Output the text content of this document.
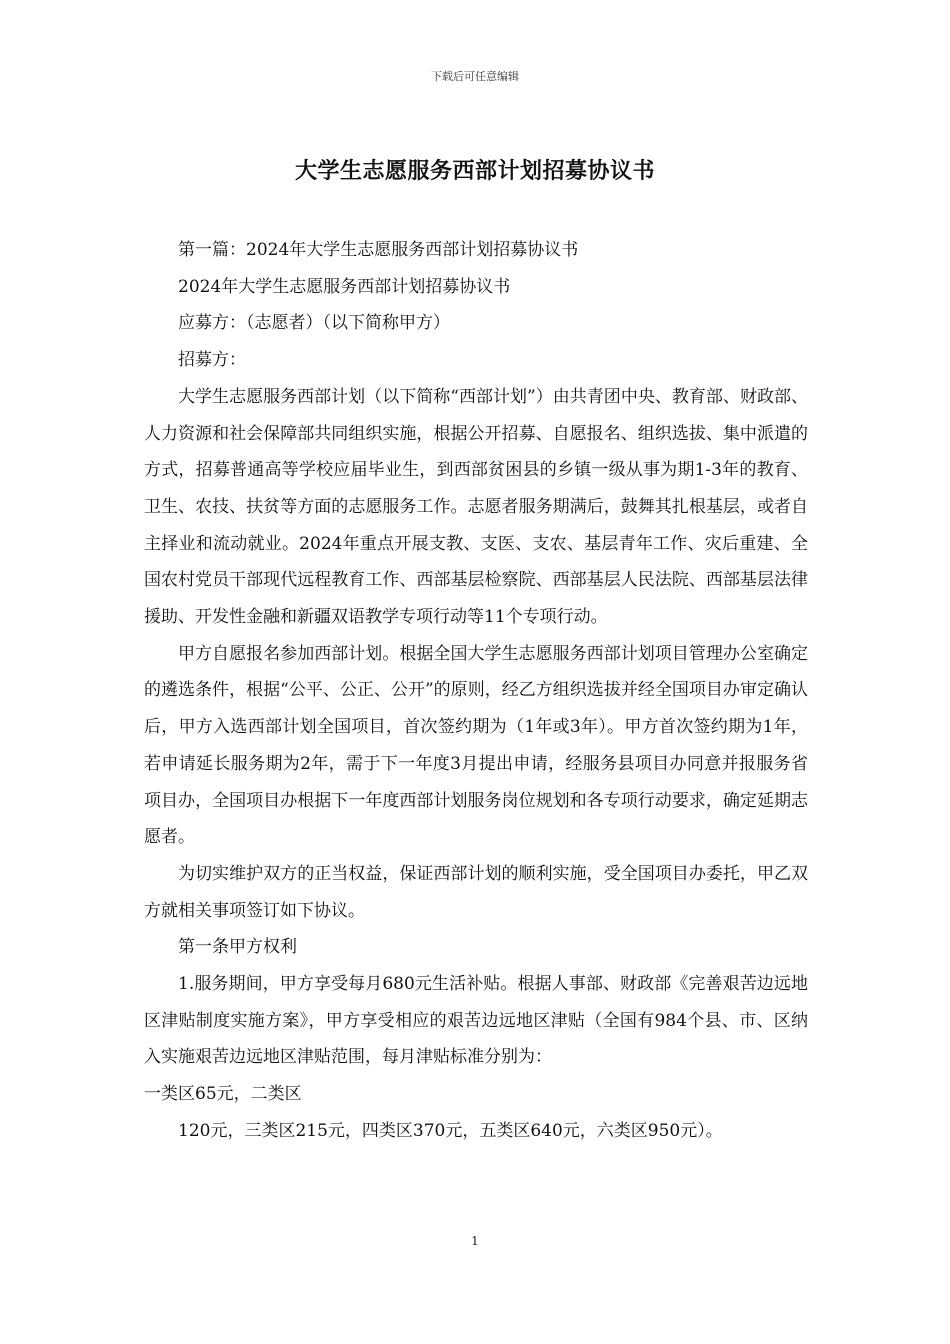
下载后可任意编辑
大学生志愿服务西部计划招募协议书

第一篇：2024年大学生志愿服务西部计划招募协议书

2024年大学生志愿服务西部计划招募协议书

应募方：（志愿者）（以下简称甲方）

招募方：

大学生志愿服务西部计划（以下简称“西部计划”）由共青团中央、教育部、财政部、人力资源和社会保障部共同组织实施，根据公开招募、自愿报名、组织选拔、集中派遣的方式，招募普通高等学校应届毕业生，到西部贫困县的乡镇一级从事为期1-3年的教育、卫生、农技、扶贫等方面的志愿服务工作。志愿者服务期满后，鼓舞其扎根基层，或者自主择业和流动就业。2024年重点开展支教、支医、支农、基层青年工作、灾后重建、全国农村党员干部现代远程教育工作、西部基层检察院、西部基层人民法院、西部基层法律援助、开发性金融和新疆双语教学专项行动等11个专项行动。

甲方自愿报名参加西部计划。根据全国大学生志愿服务西部计划项目管理办公室确定的遴选条件，根据“公平、公正、公开”的原则，经乙方组织选拔并经全国项目办审定确认后，甲方入选西部计划全国项目，首次签约期为（1年或3年）。甲方首次签约期为1年，若申请延长服务期为2年，需于下一年度3月提出申请，经服务县项目办同意并报服务省项目办，全国项目办根据下一年度西部计划服务岗位规划和各专项行动要求，确定延期志愿者。

为切实维护双方的正当权益，保证西部计划的顺利实施，受全国项目办委托，甲乙双方就相关事项签订如下协议。

第一条甲方权利

1.服务期间，甲方享受每月680元生活补贴。根据人事部、财政部《完善艰苦边远地区津贴制度实施方案》，甲方享受相应的艰苦边远地区津贴（全国有984个县、市、区纳入实施艰苦边远地区津贴范围，每月津贴标准分别为：

一类区65元，二类区

120元，三类区215元，四类区370元，五类区640元，六类区950元）。

1
